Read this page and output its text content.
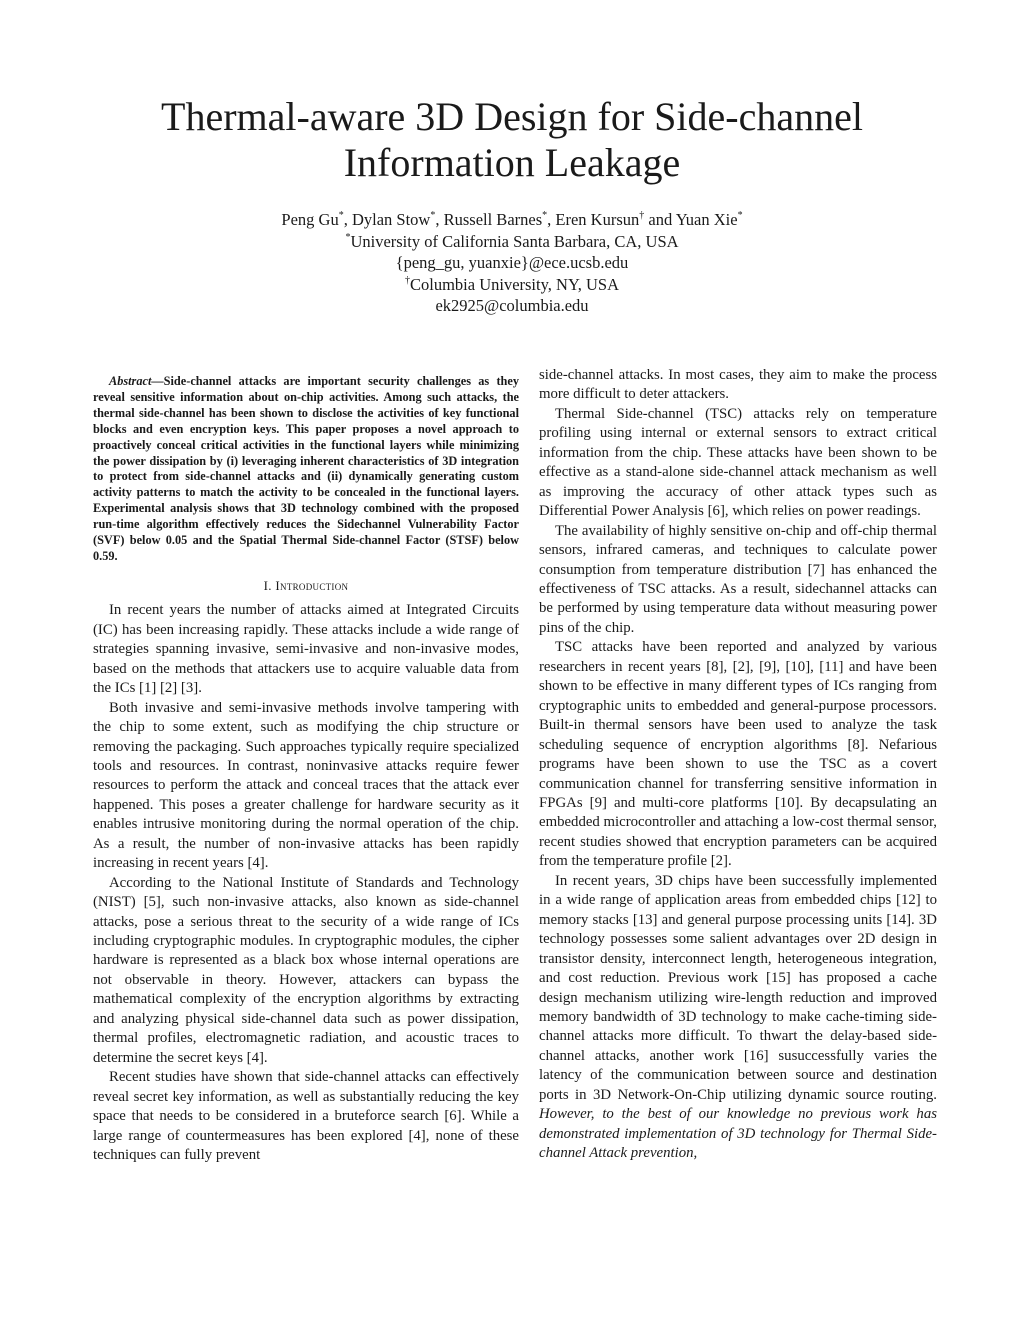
Thermal-aware 3D Design for Side-channel
Information Leakage
Peng Gu*, Dylan Stow*, Russell Barnes*, Eren Kursun† and Yuan Xie*
*University of California Santa Barbara, CA, USA
{peng_gu, yuanxie}@ece.ucsb.edu
†Columbia University, NY, USA
ek2925@columbia.edu

Abstract—Side-channel attacks are important security challenges as they reveal sensitive information about on-chip activities. Among such attacks, the thermal side-channel has been shown to disclose the activities of key functional blocks and even encryption keys. This paper proposes a novel approach to proactively conceal critical activities in the functional layers while minimizing the power dissipation by (i) leveraging inherent characteristics of 3D integration to protect from side-channel attacks and (ii) dynamically generating custom activity patterns to match the activity to be concealed in the functional layers. Experimental analysis shows that 3D technology combined with the proposed run-time algorithm effectively reduces the Sidechannel Vulnerability Factor (SVF) below 0.05 and the Spatial Thermal Side-channel Factor (STSF) below 0.59.

I. Introduction

In recent years the number of attacks aimed at Integrated Circuits (IC) has been increasing rapidly. These attacks include a wide range of strategies spanning invasive, semi-invasive and non-invasive modes, based on the methods that attackers use to acquire valuable data from the ICs [1] [2] [3].

Both invasive and semi-invasive methods involve tampering with the chip to some extent, such as modifying the chip structure or removing the packaging. Such approaches typically require specialized tools and resources. In contrast, noninvasive attacks require fewer resources to perform the attack and conceal traces that the attack ever happened. This poses a greater challenge for hardware security as it enables intrusive monitoring during the normal operation of the chip. As a result, the number of non-invasive attacks has been rapidly increasing in recent years [4].

According to the National Institute of Standards and Technology (NIST) [5], such non-invasive attacks, also known as side-channel attacks, pose a serious threat to the security of a wide range of ICs including cryptographic modules. In cryptographic modules, the cipher hardware is represented as a black box whose internal operations are not observable in theory. However, attackers can bypass the mathematical complexity of the encryption algorithms by extracting and analyzing physical side-channel data such as power dissipation, thermal profiles, electromagnetic radiation, and acoustic traces to determine the secret keys [4].

Recent studies have shown that side-channel attacks can effectively reveal secret key information, as well as substantially reducing the key space that needs to be considered in a bruteforce search [6]. While a large range of countermeasures has been explored [4], none of these techniques can fully prevent

side-channel attacks. In most cases, they aim to make the process more difficult to deter attackers.

Thermal Side-channel (TSC) attacks rely on temperature profiling using internal or external sensors to extract critical information from the chip. These attacks have been shown to be effective as a stand-alone side-channel attack mechanism as well as improving the accuracy of other attack types such as Differential Power Analysis [6], which relies on power readings.

The availability of highly sensitive on-chip and off-chip thermal sensors, infrared cameras, and techniques to calculate power consumption from temperature distribution [7] has enhanced the effectiveness of TSC attacks. As a result, sidechannel attacks can be performed by using temperature data without measuring power pins of the chip.

TSC attacks have been reported and analyzed by various researchers in recent years [8], [2], [9], [10], [11] and have been shown to be effective in many different types of ICs ranging from cryptographic units to embedded and general-purpose processors. Built-in thermal sensors have been used to analyze the task scheduling sequence of encryption algorithms [8]. Nefarious programs have been shown to use the TSC as a covert communication channel for transferring sensitive information in FPGAs [9] and multi-core platforms [10]. By decapsulating an embedded microcontroller and attaching a low-cost thermal sensor, recent studies showed that encryption parameters can be acquired from the temperature profile [2].

In recent years, 3D chips have been successfully implemented in a wide range of application areas from embedded chips [12] to memory stacks [13] and general purpose processing units [14]. 3D technology possesses some salient advantages over 2D design in transistor density, interconnect length, heterogeneous integration, and cost reduction. Previous work [15] has proposed a cache design mechanism utilizing wire-length reduction and improved memory bandwidth of 3D technology to make cache-timing side-channel attacks more difficult. To thwart the delay-based side-channel attacks, another work [16] susuccessfully varies the latency of the communication between source and destination ports in 3D Network-On-Chip utilizing dynamic source routing. However, to the best of our knowledge no previous work has demonstrated implementation of 3D technology for Thermal Side-channel Attack prevention,
